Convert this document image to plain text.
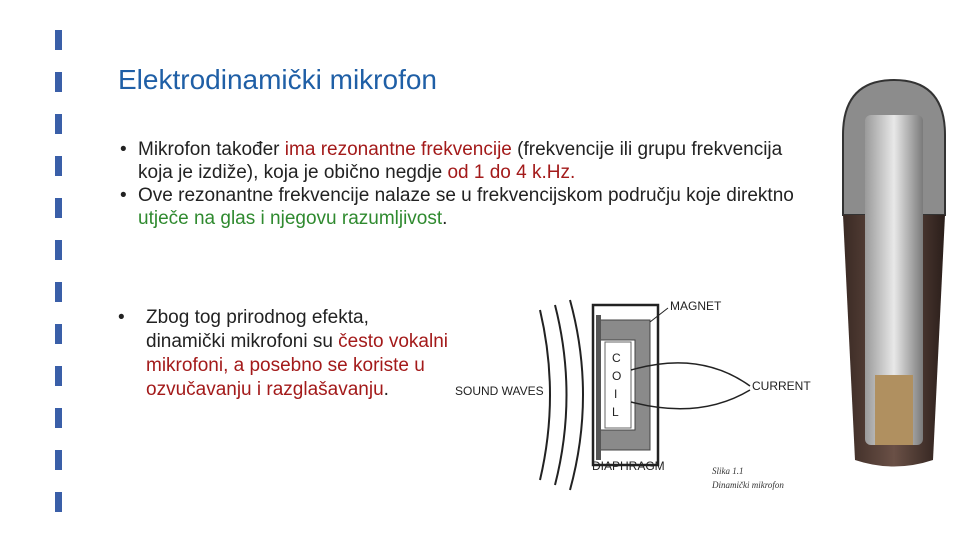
Elektrodinamički mikrofon
• Mikrofon također ima rezonantne frekvencije (frekvencije ili grupu frekvencija koja je izdiže), koja je obično negdje od 1 do 4 k.Hz.
• Ove rezonantne frekvencije nalaze se u frekvencijskom području koje direktno utječe na glas i njegovu razumljivost.
• Zbog tog prirodnog efekta, dinamički mikrofoni su često vokalni mikrofoni, a posebno se koriste u ozvučavanju i razglašavanju.	SOUND WAVES
C
O
I
L
MAGNET
CURRENT
DIAPHRAGM	Slika 1.1
Dinamički mikrofon
